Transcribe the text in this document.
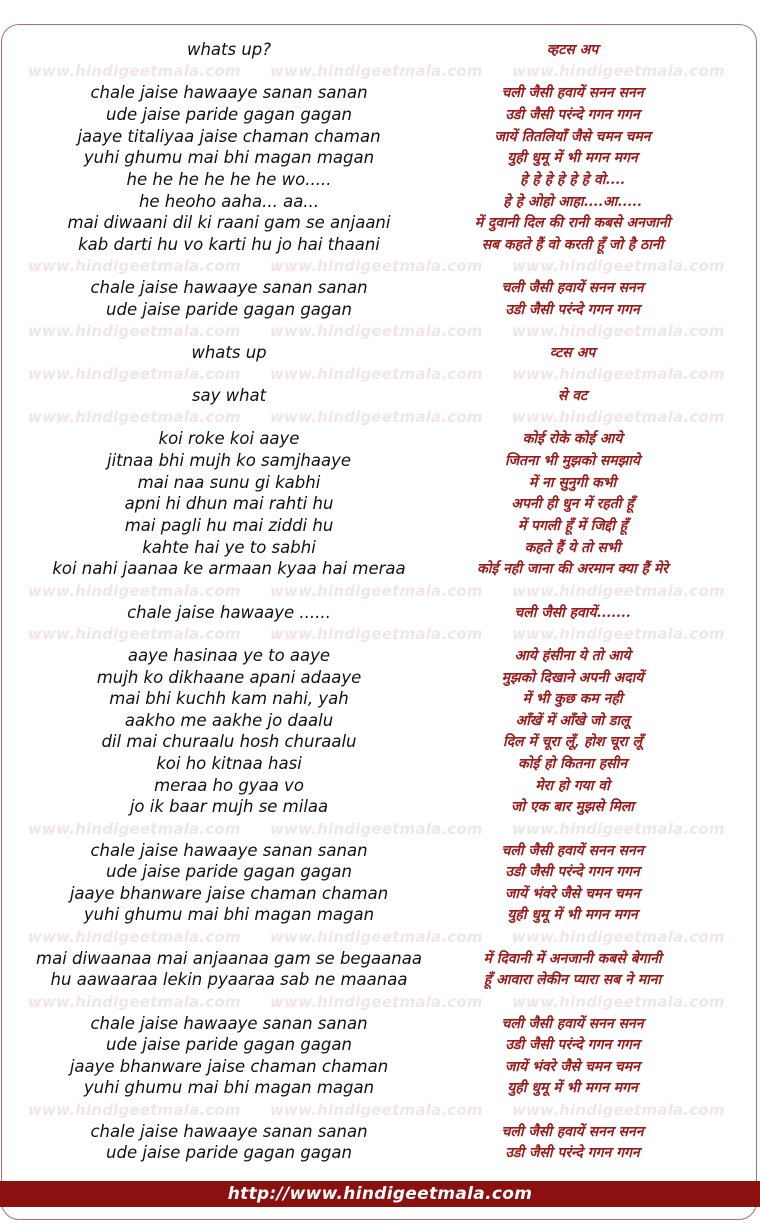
www.hindigeetmala.com www.hindigeetmala.com www.hindigeetmala.com
www.hindigeetmala.com www.hindigeetmala.com www.hindigeetmala.com
www.hindigeetmala.com www.hindigeetmala.com www.hindigeetmala.com
www.hindigeetmala.com www.hindigeetmala.com www.hindigeetmala.com
www.hindigeetmala.com www.hindigeetmala.com www.hindigeetmala.com
www.hindigeetmala.com www.hindigeetmala.com www.hindigeetmala.com
www.hindigeetmala.com www.hindigeetmala.com www.hindigeetmala.com
www.hindigeetmala.com www.hindigeetmala.com www.hindigeetmala.com
www.hindigeetmala.com www.hindigeetmala.com www.hindigeetmala.com
www.hindigeetmala.com www.hindigeetmala.com www.hindigeetmala.com
www.hindigeetmala.com www.hindigeetmala.com www.hindigeetmala.com
whats up?	व्हटस अप
chale jaise hawaaye sanan sanan	चली जैसी हवायें सनन सनन
ude jaise paride gagan gagan	उडी जैसी परंन्दे गगन गगन
jaaye titaliyaa jaise chaman chaman	जायें तितलियाँ जैसे चमन चमन
yuhi ghumu mai bhi magan magan	युही धुमू में भी मगन मगन
he he he he he he wo.....	हे हे हे हे हे हे वो....
he heoho aaha... aa...	हे हे ओहो आहा....आ.....
mai diwaani dil ki raani gam se anjaani	में दुवानी दिल की रानी कबसे अनजानी
kab darti hu vo karti hu jo hai thaani	सब कहते हैं वो करती हूँ जो है ठानी
chale jaise hawaaye sanan sanan	चली जैसी हवायें सनन सनन
ude jaise paride gagan gagan	उडी जैसी परंन्दे गगन गगन
whats up	व्टस अप
say what	से वट
koi roke koi aaye	कोई रोके कोई आये
jitnaa bhi mujh ko samjhaaye	जितना भी मुझको समझाये
mai naa sunu gi kabhi	में ना सुनुगी कभी
apni hi dhun mai rahti hu	अपनी ही धुन में रहती हूँ
mai pagli hu mai ziddi hu	में पगली हूँ में जिद्दी हूँ
kahte hai ye to sabhi	कहते हैं ये तो सभी
koi nahi jaanaa ke armaan kyaa hai meraa	कोई नही जाना की अरमान क्या हैं मेरे
chale jaise hawaaye ......	चली जैसी हवायें.......
aaye hasinaa ye to aaye	आये हंसीना ये तो आये
mujh ko dikhaane apani adaaye	मुझको दिखाने अपनी अदायें
mai bhi kuchh kam nahi, yah	में भी कुछ कम नही
aakho me aakhe jo daalu	आँखें में आँखे जो डालू
dil mai churaalu hosh churaalu	दिल में चूरा लूँ, होश चूरा लूँ
koi ho kitnaa hasi	कोई हो कितना हसीन
meraa ho gyaa vo	मेरा हो गया वो
jo ik baar mujh se milaa	जो एक बार मुझसे मिला
chale jaise hawaaye sanan sanan	चली जैसी हवायें सनन सनन
ude jaise paride gagan gagan	उडी जैसी परंन्दे गगन गगन
jaaye bhanware jaise chaman chaman	जायें भंवरे जैसे चमन चमन
yuhi ghumu mai bhi magan magan	युही धुमू में भी मगन मगन
mai diwaanaa mai anjaanaa gam se begaanaa	में दिवानी में अनजानी कबसे बेगानी
hu aawaaraa lekin pyaaraa sab ne maanaa	हूँ आवारा लेकीन प्यारा सब ने माना
chale jaise hawaaye sanan sanan	चली जैसी हवायें सनन सनन
ude jaise paride gagan gagan	उडी जैसी परंन्दे गगन गगन
jaaye bhanware jaise chaman chaman	जायें भंवरे जैसे चमन चमन
yuhi ghumu mai bhi magan magan	युही धुमू में भी मगन मगन
chale jaise hawaaye sanan sanan	चली जैसी हवायें सनन सनन
ude jaise paride gagan gagan	उडी जैसी परंन्दे गगन गगन
http://www.hindigeetmala.com
